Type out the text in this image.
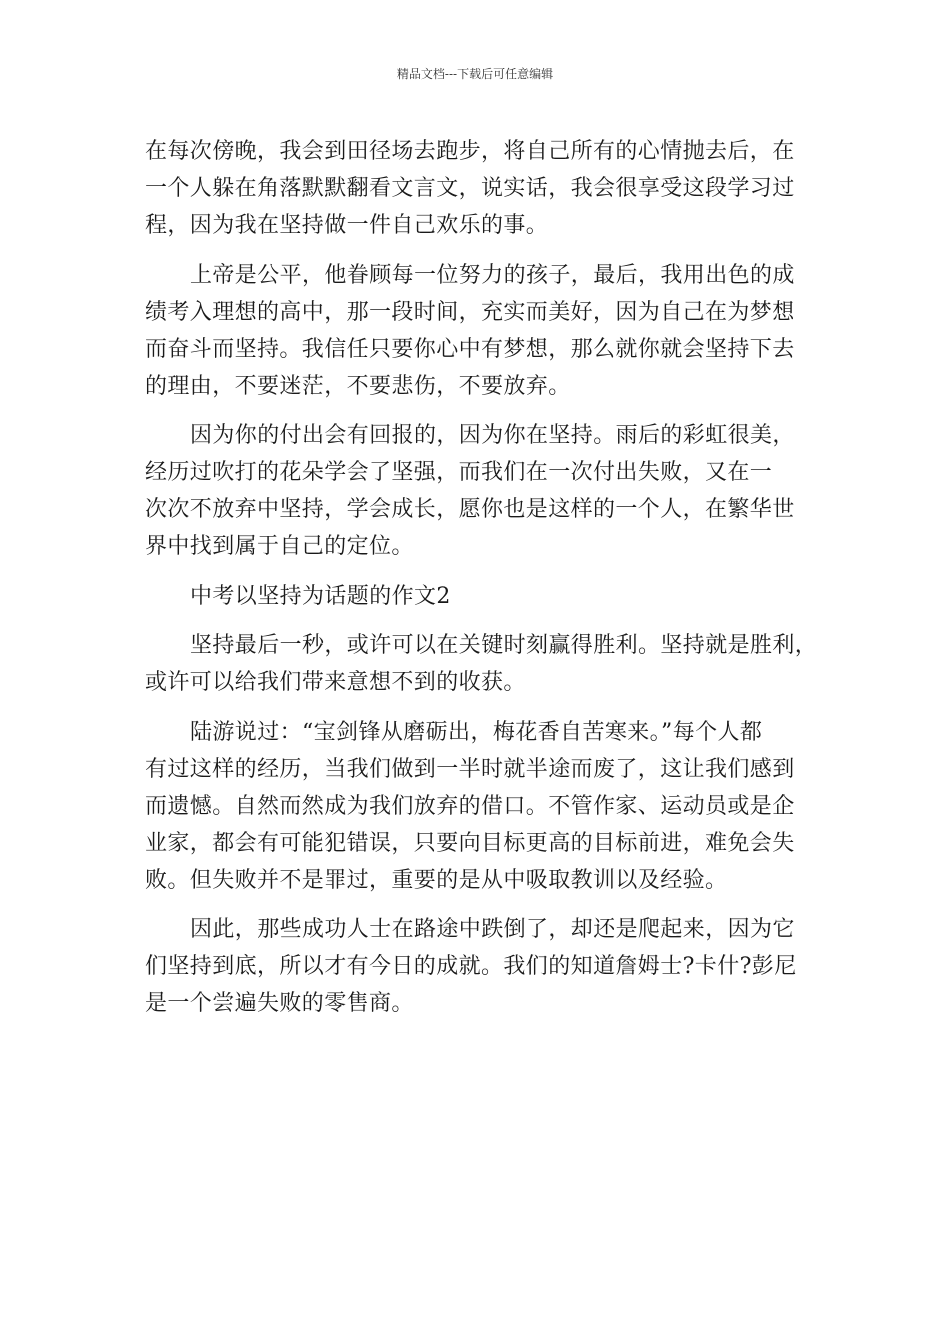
精品文档---下载后可任意编辑
在每次傍晚，我会到田径场去跑步，将自己所有的心情抛去后，在
一个人躲在角落默默翻看文言文，说实话，我会很享受这段学习过
程，因为我在坚持做一件自己欢乐的事。
上帝是公平，他眷顾每一位努力的孩子，最后，我用出色的成
绩考入理想的高中，那一段时间，充实而美好，因为自己在为梦想
而奋斗而坚持。我信任只要你心中有梦想，那么就你就会坚持下去
的理由，不要迷茫，不要悲伤，不要放弃。
因为你的付出会有回报的，因为你在坚持。雨后的彩虹很美，
经历过吹打的花朵学会了坚强，而我们在一次付出失败，又在一
次次不放弃中坚持，学会成长，愿你也是这样的一个人，在繁华世
界中找到属于自己的定位。
中考以坚持为话题的作文2
坚持最后一秒，或许可以在关键时刻赢得胜利。坚持就是胜利，
或许可以给我们带来意想不到的收获。
陆游说过：“宝剑锋从磨砺出，梅花香自苦寒来。”每个人都
有过这样的经历，当我们做到一半时就半途而废了，这让我们感到
而遗憾。自然而然成为我们放弃的借口。不管作家、运动员或是企
业家，都会有可能犯错误，只要向目标更高的目标前进，难免会失
败。但失败并不是罪过，重要的是从中吸取教训以及经验。
因此，那些成功人士在路途中跌倒了，却还是爬起来，因为它
们坚持到底，所以才有今日的成就。我们的知道詹姆士?卡什?彭尼
是一个尝遍失败的零售商。
